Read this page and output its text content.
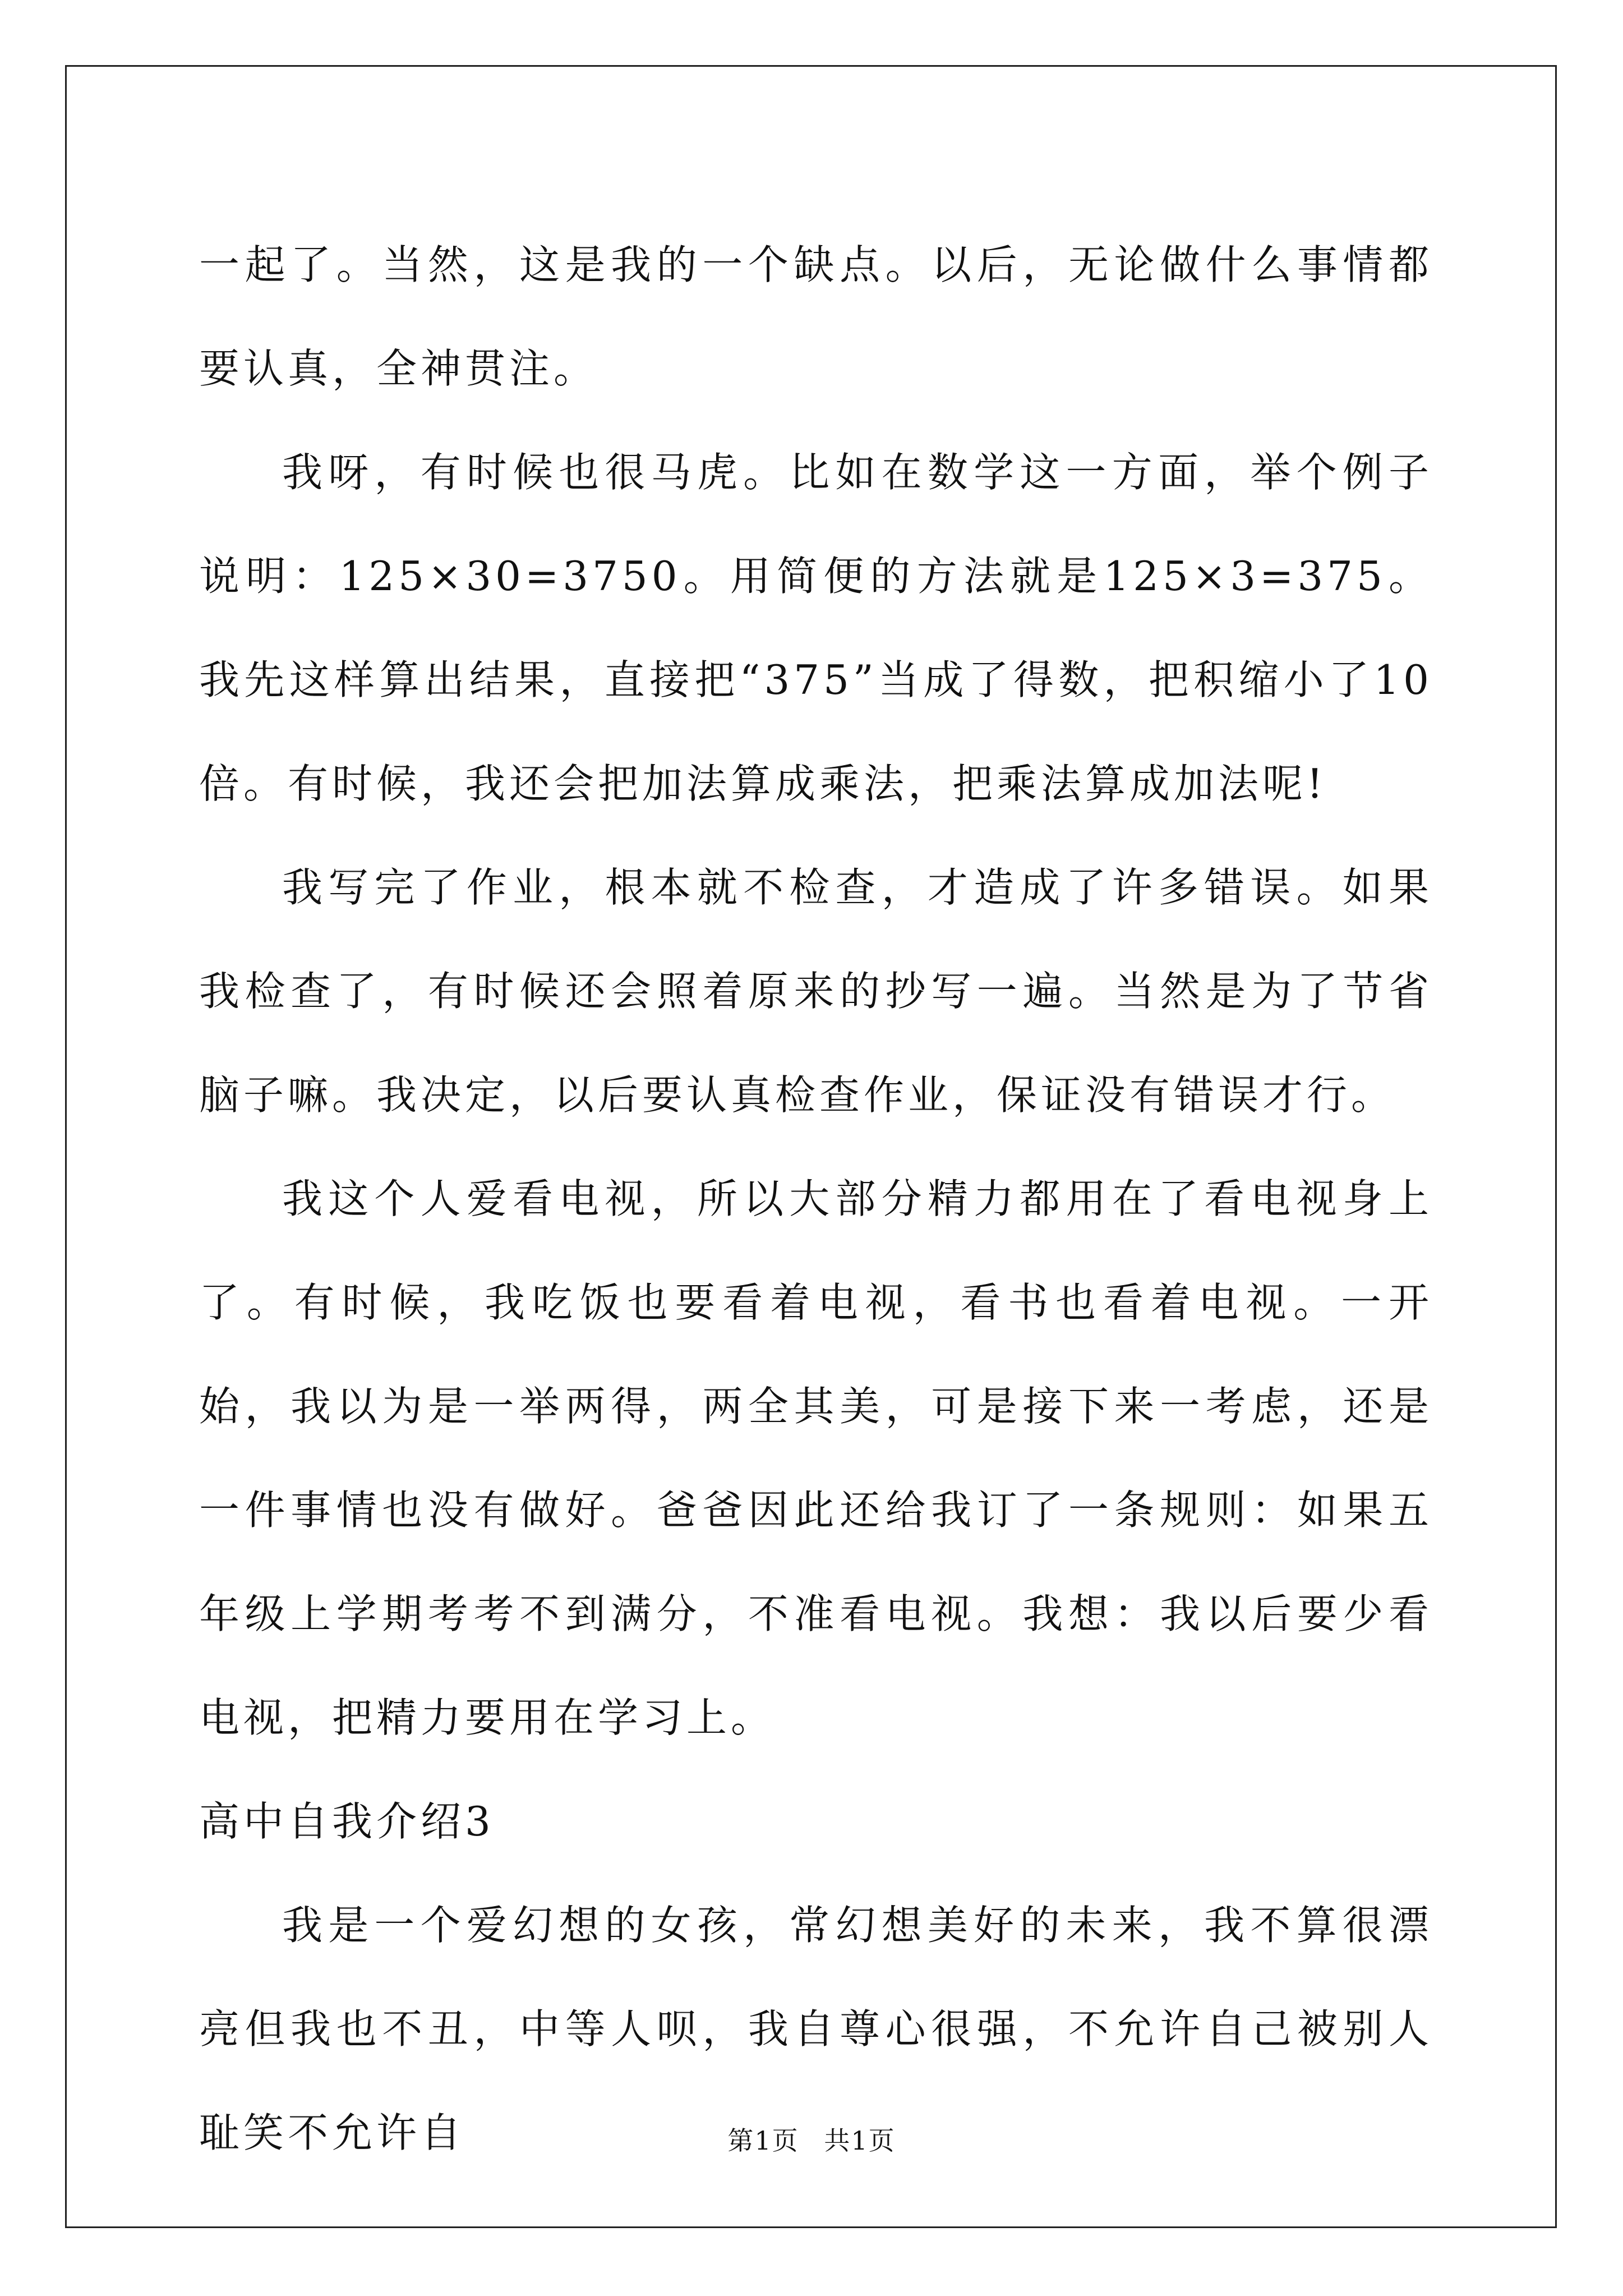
一起了。当然，这是我的一个缺点。以后，无论做什么事情都要认真，全神贯注。

我呀，有时候也很马虎。比如在数学这一方面，举个例子说明：125×30=3750。用简便的方法就是125×3=375。我先这样算出结果，直接把“375”当成了得数，把积缩小了10倍。有时候，我还会把加法算成乘法，把乘法算成加法呢!

我写完了作业，根本就不检查，才造成了许多错误。如果我检查了，有时候还会照着原来的抄写一遍。当然是为了节省脑子嘛。我决定，以后要认真检查作业，保证没有错误才行。

我这个人爱看电视，所以大部分精力都用在了看电视身上了。有时候，我吃饭也要看着电视，看书也看着电视。一开始，我以为是一举两得，两全其美，可是接下来一考虑，还是一件事情也没有做好。爸爸因此还给我订了一条规则：如果五年级上学期考考不到满分，不准看电视。我想：我以后要少看电视，把精力要用在学习上。

高中自我介绍3

我是一个爱幻想的女孩，常幻想美好的未来，我不算很漂亮但我也不丑，中等人呗，我自尊心很强，不允许自己被别人耻笑不允许自	第1页 共1页
